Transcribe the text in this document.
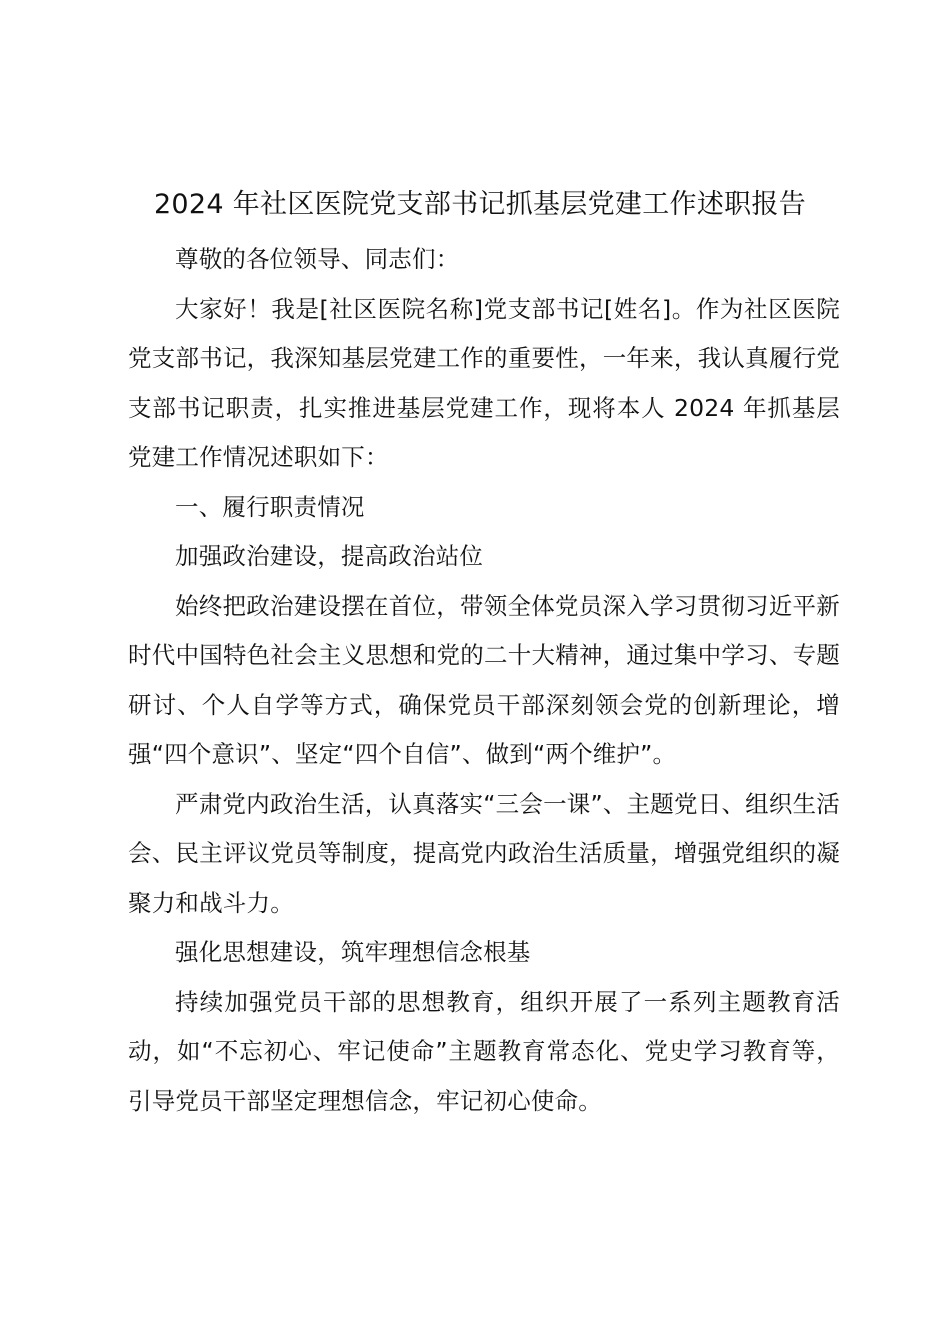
2024 年社区医院党支部书记抓基层党建工作述职报告

尊敬的各位领导、同志们：

大家好！我是[社区医院名称]党支部书记[姓名]。作为社区医院党支部书记，我深知基层党建工作的重要性，一年来，我认真履行党支部书记职责，扎实推进基层党建工作，现将本人 2024 年抓基层党建工作情况述职如下：

一、履行职责情况

加强政治建设，提高政治站位

始终把政治建设摆在首位，带领全体党员深入学习贯彻习近平新时代中国特色社会主义思想和党的二十大精神，通过集中学习、专题研讨、个人自学等方式，确保党员干部深刻领会党的创新理论，增强“四个意识”、坚定“四个自信”、做到“两个维护”。

严肃党内政治生活，认真落实“三会一课”、主题党日、组织生活会、民主评议党员等制度，提高党内政治生活质量，增强党组织的凝聚力和战斗力。

强化思想建设，筑牢理想信念根基

持续加强党员干部的思想教育，组织开展了一系列主题教育活动，如“不忘初心、牢记使命”主题教育常态化、党史学习教育等，引导党员干部坚定理想信念，牢记初心使命。
